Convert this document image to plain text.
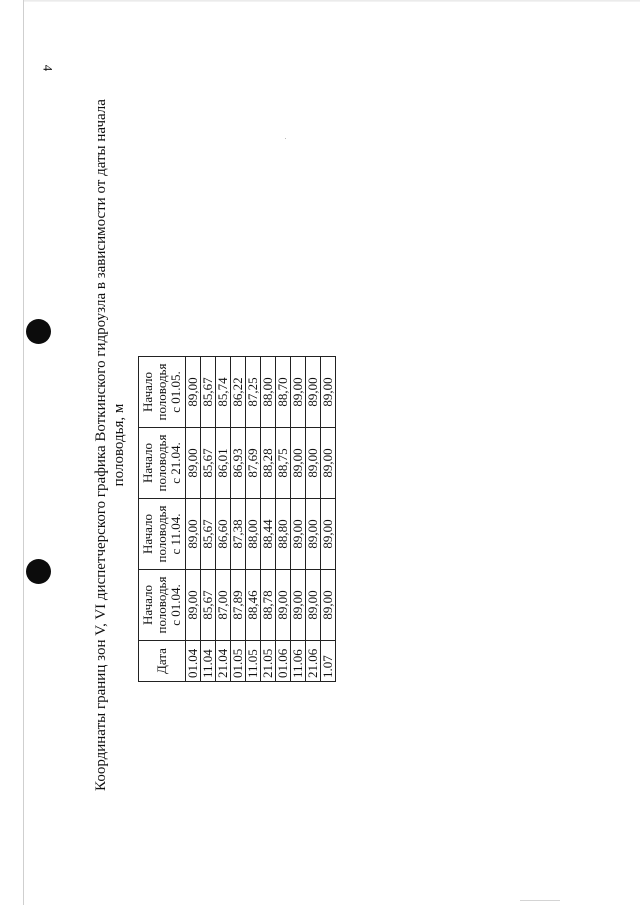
4
Координаты границ зон V, VI диспетчерского графика Воткинского гидроузла в зависимости от даты начала половодья, м
Дата	Начало половодья с 01.04.	Начало половодья с 11.04.	Начало половодья с 21.04.	Начало половодья с 01.05.

01.04	89,00	89,00	89,00	89,00
11.04	85,67	85,67	85,67	85,67
21.04	87,00	86,60	86,01	85,74
01.05	87,89	87,38	86,93	86,22
11.05	88,46	88,00	87,69	87,25
21.05	88,78	88,44	88,28	88,00
01.06	89,00	88,80	88,75	88,70
11.06	89,00	89,00	89,00	89,00
21.06	89,00	89,00	89,00	89,00
1.07	89,00	89,00	89,00	89,00
